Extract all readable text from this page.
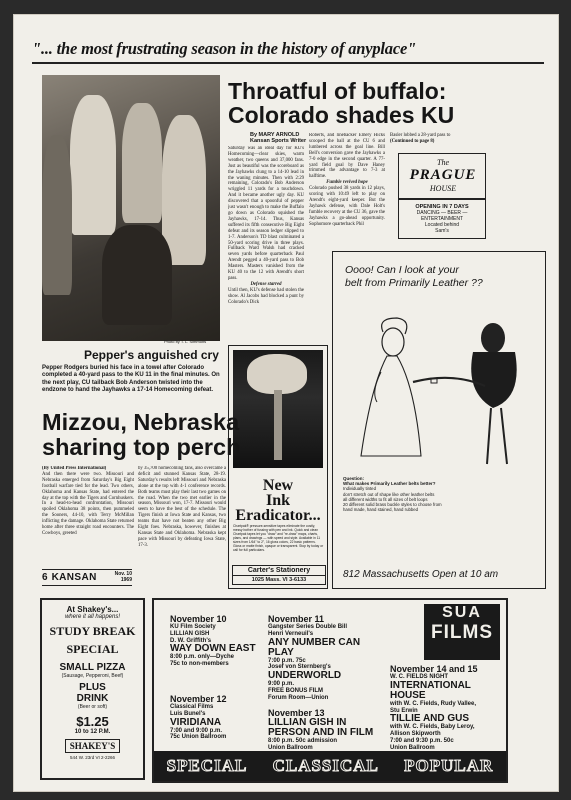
"... the most frustrating season in the history of anyplace"
Photo by T. L. Simmons
Pepper's anguished cry
Pepper Rodgers buried his face in a towel after Colorado completed a 40-yard pass to the KU 11 in the final minutes. On the next play, CU tailback Bob Anderson twisted into the endzone to hand the Jayhawks a 17-14 Homecoming defeat.
Throatful of buffalo:
Colorado shades KU
By MARY ARNOLD
Kansan Sports Writer
Saturday was an ideal day for KU's Homecoming—clear skies, warm weather, two queens and 37,000 fans. Just as beautiful was the scoreboard as the Jayhawks clung to a 14-10 lead in the waning minutes. Then with 2:29 remaining, Colorado's Bob Anderson wriggled 11 yards for a touchdown. And it became another ugly day. KU discovered that a spoonful of pepper just wasn't enough to make the Buffalo go down as Colorado squished the Jayhawks, 17-14. Thus, Kansas suffered its fifth consecutive Big Eight defeat and its season ledger slipped to 1-7. Anderson's TD blast culminated a 50-yard scoring drive in three plays. Fullback Ward Walsh had cracked seven yards before quarterback Paul Arendt pegged a 40-yard pass to Bob Masters. Masters vanished from the KU 40 to the 12 with Arendt's short pass.
Defense starred
Until then, KU's defense had stolen the show. Al Jacobs had blocked a punt by Colorado's Dick
Roberts, and linebacker Emery Hicks scooped the ball at the CU 6 and lumbered across the goal line. Bill Bell's conversion gave the Jayhawks a 7-0 edge in the second quarter. A 77-yard field goal by Dave Haney trimmed the advantage to 7-3 at halftime.
Fumble revived hope
Colorado pushed 38 yards in 12 plays, scoring with 10:49 left to play on Arendt's eight-yard keeper. But the Jayhawk defense, with Dale Holt's fumble recovery at the CU 36, gave the Jayhawks a go-ahead opportunity. Sophomore quarterback Phil
Basler lobbed a 28-yard pass to
(Continued to page 8)
The
PRAGUE
HOUSE
OPENING IN 7 DAYS
DANCING — BEER — ENTERTAINMENT
Located behind
Sam's
Oooo! Can I look at your
belt from Primarily Leather ??
Question:
What makes Primarily Leather belts better?
Individually tinted
don't stretch out of shape like other leather belts
all different widths to fit all sizes of belt loops
20 different solid brass buckle styles to choose from
hand made, hand stained, hand rubbed
812 Massachusetts Open at 10 am
New
Ink
Eradicator...
Chartpak® pressure-sensitive tapes eliminate the costly, messy bother of fussing with pen and ink. Quick and clean Chartpak tapes let you "draw" and "re-draw" maps, charts, plans, and drawings — with speed and style. Available in 11 sizes from 1/64" to 2", 16 gloss colors, 22 basic patterns. Gloss or matte finish, opaque or transparent. Stop by today or call for full particulars.
Carter's Stationery
1025 Mass. VI 3-6133
Mizzou, Nebraska sharing top perch
(By United Press International)
And then there were two. Missouri and Nebraska emerged from Saturday's Big Eight football warfare tied for the lead. Two others, Oklahoma and Kansas State, had entered the day at the top with the Tigers and Cornhuskers. In a head-to-head confrontation, Missouri spoiled Oklahoma 38 points, then pummeled the Sooners, 44-10, with Terry McMillan inflicting the damage. Oklahoma State returned home after three straight road encounters. The Cowboys, greeted
by 35,700 homecoming fans, also overcame a deficit and stunned Kansas State, 28-19. Saturday's results left Missouri and Nebraska alone at the top with 4-1 conference records. Both teams must play their last two games on the road. When the two met earlier in the season, Missouri won, 17-7. Missouri would seem to have the best of the schedule. The Tigers finish at Iowa State and Kansas, two teams that have not beaten any other Big Eight foes. Nebraska, however, finishes at Kansas State and Oklahoma. Nebraska kept pace with Missouri by defeating Iowa State, 17-3.
6 KANSAN	Nov. 10
1969
At Shakey's...
where it all happens!
STUDY BREAK
SPECIAL
SMALL PIZZA
(Sausage, Pepperoni, Beef)
PLUS
DRINK
(Beer or soft)
$1.25
10 to 12 P.M.
SHAKEY'S
544 W. 23rd VI 2-2266
SUA
FILMS
November 10
KU Film Society
LILLIAN GISH
D. W. Griffith's
WAY DOWN EAST
8:00 p.m. only—Dyche
75c to non-members
November 12
Classical Films
Luis Bunel's
VIRIDIANA
7:00 and 9:00 p.m.
75c Union Ballroom
November 11
Gangster Series Double Bill
Henri Verneuil's
ANY NUMBER CAN PLAY
7:00 p.m. 75c
Josef von Sternberg's
UNDERWORLD
9:00 p.m.
FREE BONUS FILM
Forum Room—Union
November 13
LILLIAN GISH IN PERSON AND IN FILM
8:00 p.m. 50c admission
Union Ballroom
November 14 and 15
W. C. FIELDS NIGHT
INTERNATIONAL HOUSE
with W. C. Fields, Rudy Vallee,
Stu Erwin
TILLIE AND GUS
with W. C. Fields, Baby Leroy,
Allison Skipworth
7:00 and 9:30 p.m. 50c
Union Ballroom
SPECIAL CLASSICAL POPULAR
